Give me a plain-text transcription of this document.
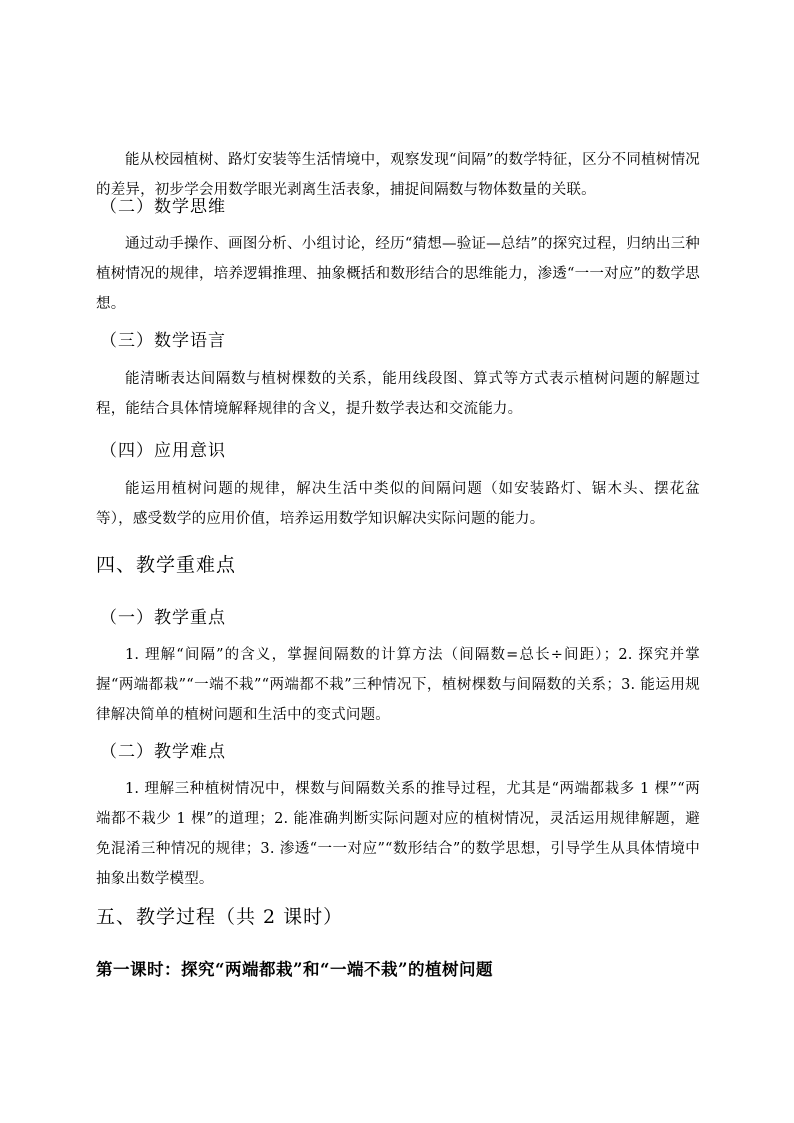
能从校园植树、路灯安装等生活情境中，观察发现“间隔”的数学特征，区分不同植树情况的差异，初步学会用数学眼光剥离生活表象，捕捉间隔数与物体数量的关联。
（二）数学思维
通过动手操作、画图分析、小组讨论，经历“猜想—验证—总结”的探究过程，归纳出三种植树情况的规律，培养逻辑推理、抽象概括和数形结合的思维能力，渗透“一一对应”的数学思想。
（三）数学语言
能清晰表达间隔数与植树棵数的关系，能用线段图、算式等方式表示植树问题的解题过程，能结合具体情境解释规律的含义，提升数学表达和交流能力。
（四）应用意识
能运用植树问题的规律，解决生活中类似的间隔问题（如安装路灯、锯木头、摆花盆等），感受数学的应用价值，培养运用数学知识解决实际问题的能力。
四、教学重难点
（一）教学重点
1. 理解“间隔”的含义，掌握间隔数的计算方法（间隔数=总长÷间距）；2. 探究并掌握“两端都栽”“一端不栽”“两端都不栽”三种情况下，植树棵数与间隔数的关系；3. 能运用规律解决简单的植树问题和生活中的变式问题。
（二）教学难点
1. 理解三种植树情况中，棵数与间隔数关系的推导过程，尤其是“两端都栽多 1 棵”“两端都不栽少 1 棵”的道理；2. 能准确判断实际问题对应的植树情况，灵活运用规律解题，避免混淆三种情况的规律；3. 渗透“一一对应”“数形结合”的数学思想，引导学生从具体情境中抽象出数学模型。
五、教学过程（共 2 课时）
第一课时：探究“两端都栽”和“一端不栽”的植树问题
